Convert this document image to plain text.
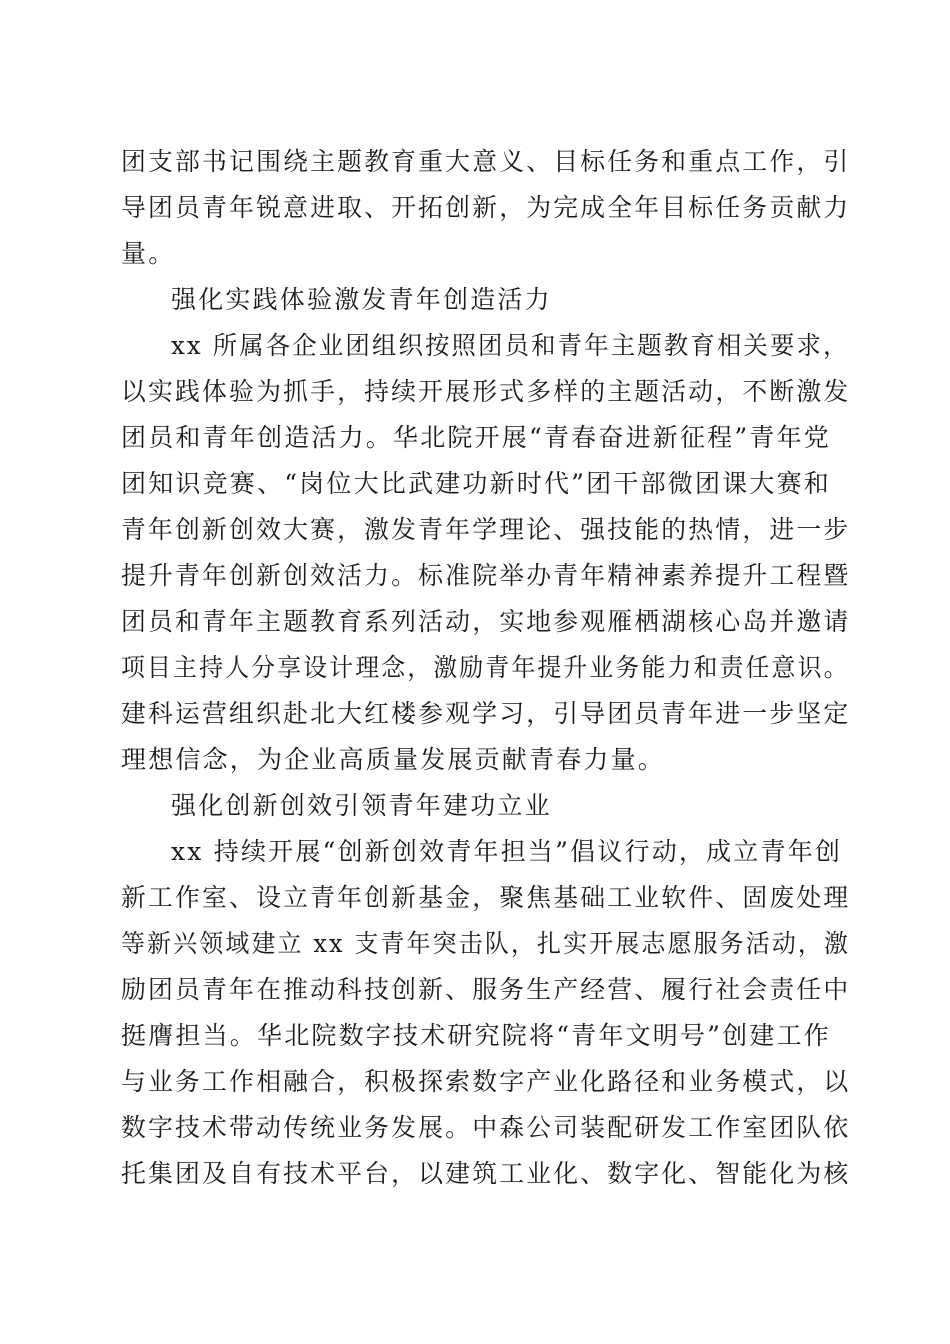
团支部书记围绕主题教育重大意义、目标任务和重点工作，引
导团员青年锐意进取、开拓创新，为完成全年目标任务贡献力
量。
强化实践体验激发青年创造活力
xx 所属各企业团组织按照团员和青年主题教育相关要求，
以实践体验为抓手，持续开展形式多样的主题活动，不断激发
团员和青年创造活力。华北院开展“青春奋进新征程”青年党
团知识竞赛、“岗位大比武建功新时代”团干部微团课大赛和
青年创新创效大赛，激发青年学理论、强技能的热情，进一步
提升青年创新创效活力。标准院举办青年精神素养提升工程暨
团员和青年主题教育系列活动，实地参观雁栖湖核心岛并邀请
项目主持人分享设计理念，激励青年提升业务能力和责任意识。
建科运营组织赴北大红楼参观学习，引导团员青年进一步坚定
理想信念，为企业高质量发展贡献青春力量。
强化创新创效引领青年建功立业
xx 持续开展“创新创效青年担当”倡议行动，成立青年创
新工作室、设立青年创新基金，聚焦基础工业软件、固废处理
等新兴领域建立 xx 支青年突击队，扎实开展志愿服务活动，激
励团员青年在推动科技创新、服务生产经营、履行社会责任中
挺膺担当。华北院数字技术研究院将“青年文明号”创建工作
与业务工作相融合，积极探索数字产业化路径和业务模式，以
数字技术带动传统业务发展。中森公司装配研发工作室团队依
托集团及自有技术平台，以建筑工业化、数字化、智能化为核
